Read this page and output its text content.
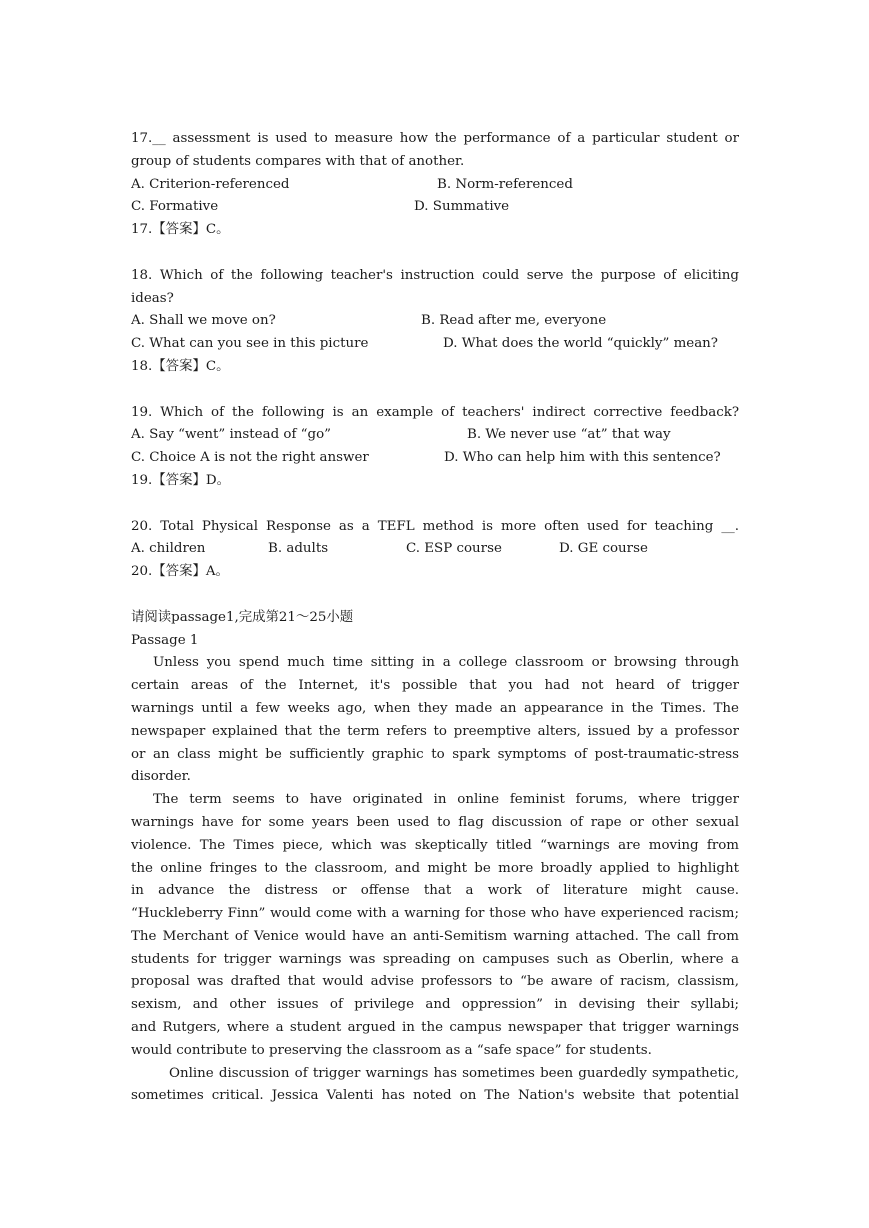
17.__ assessment is used to measure how the performance of a particular student or
group of students compares with that of another.
A. Criterion-referenced	B. Norm-referenced
C. Formative	D. Summative
17.【答案】C。
18. Which of the following teacher's instruction could serve the purpose of eliciting
ideas?
A. Shall we move on?	B. Read after me, everyone
C. What can you see in this picture	D. What does the world “quickly” mean?
18.【答案】C。
19. Which of the following is an example of teachers' indirect corrective feedback?
A. Say “went” instead of “go”	B. We never use “at” that way
C. Choice A is not the right answer	D. Who can help him with this sentence?
19.【答案】D。
20. Total Physical Response as a TEFL method is more often used for teaching __.
A. children	B. adults	C. ESP course	D. GE course
20.【答案】A。
请阅读passage1,完成第21～25小题
Passage 1
Unless you spend much time sitting in a college classroom or browsing through
certain areas of the Internet, it's possible that you had not heard of trigger
warnings until a few weeks ago, when they made an appearance in the Times. The
newspaper explained that the term refers to preemptive alters, issued by a professor
or an class might be sufficiently graphic to spark symptoms of post-traumatic-stress
disorder.
The term seems to have originated in online feminist forums, where trigger
warnings have for some years been used to flag discussion of rape or other sexual
violence. The Times piece, which was skeptically titled “warnings are moving from
the online fringes to the classroom, and might be more broadly applied to highlight
in advance the distress or offense that a work of literature might cause.
“Huckleberry Finn” would come with a warning for those who have experienced racism;
The Merchant of Venice would have an anti-Semitism warning attached. The call from
students for trigger warnings was spreading on campuses such as Oberlin, where a
proposal was drafted that would advise professors to “be aware of racism, classism,
sexism, and other issues of privilege and oppression” in devising their syllabi;
and Rutgers, where a student argued in the campus newspaper that trigger warnings
would contribute to preserving the classroom as a “safe space” for students.
Online discussion of trigger warnings has sometimes been guardedly sympathetic,
sometimes critical. Jessica Valenti has noted on The Nation's website that potential
